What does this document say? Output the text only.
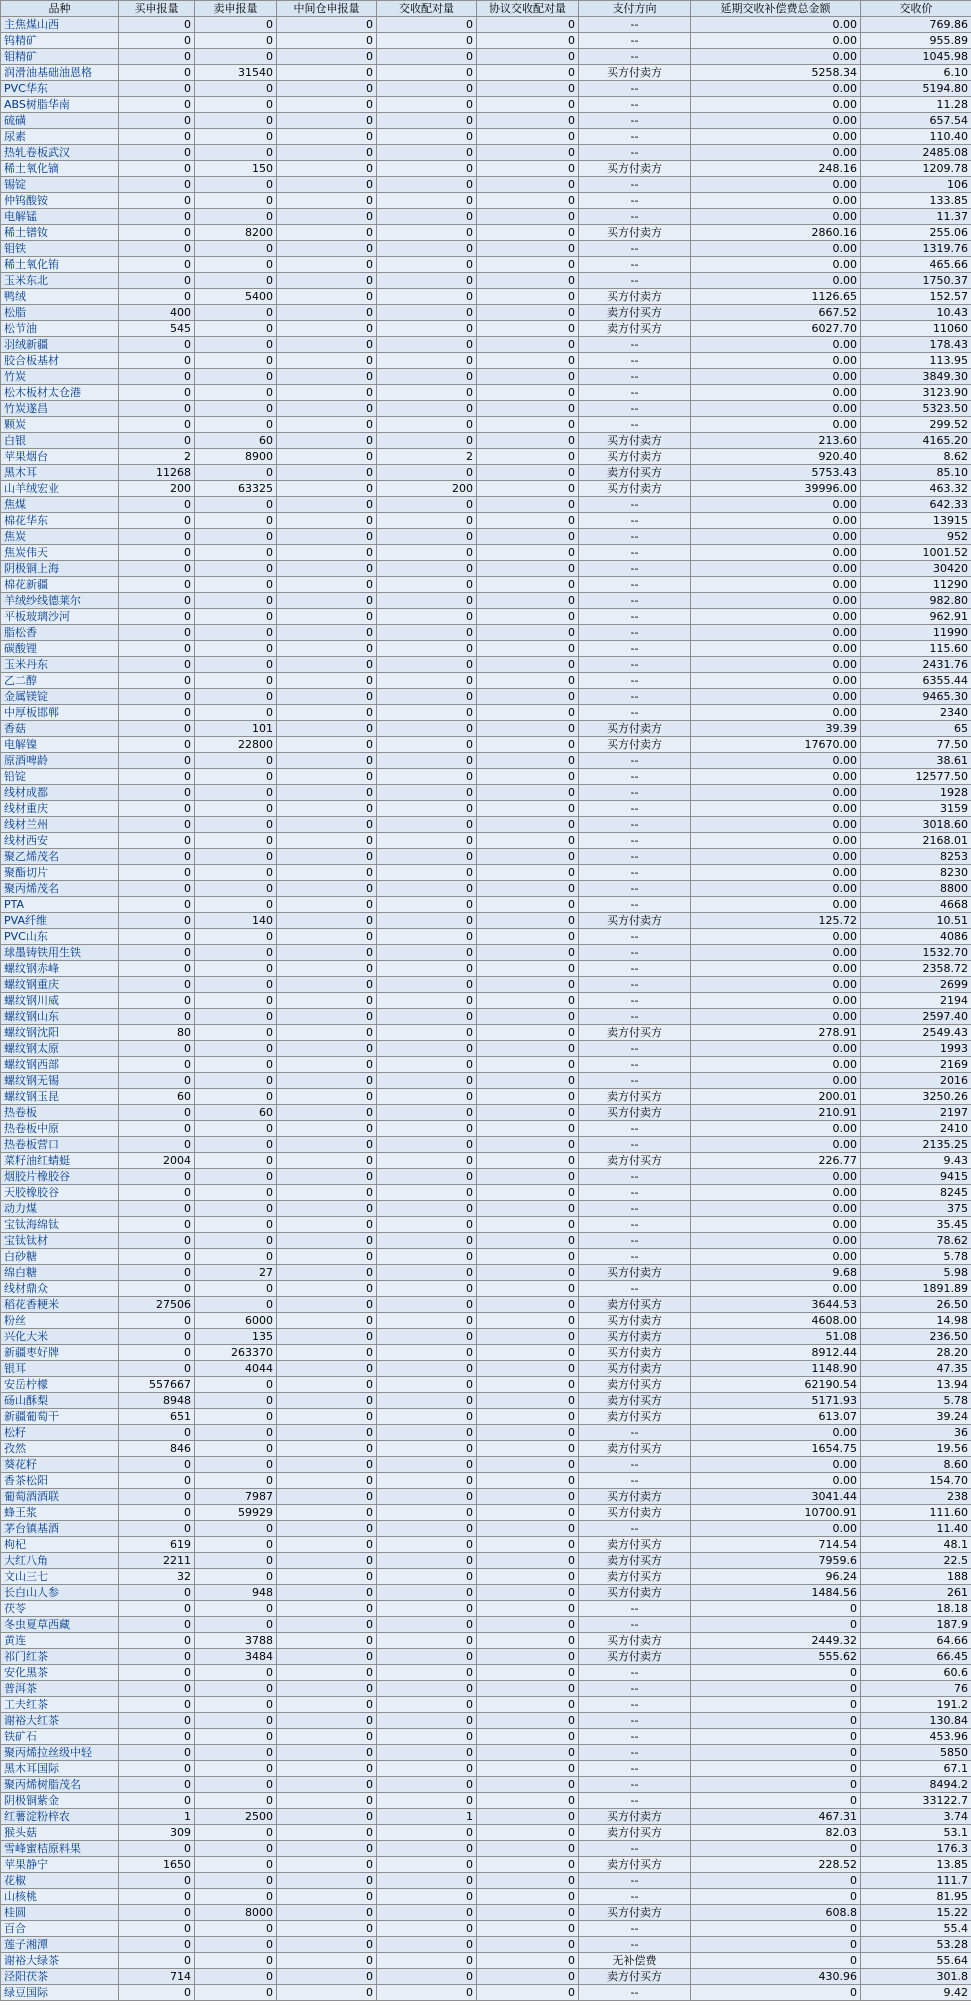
品种	买申报量	卖申报量	中间仓申报量	交收配对量	协议交收配对量	支付方向	延期交收补偿费总金额	交收价
主焦煤山西	0	0	0	0	0	--	0.00	769.86
钨精矿	0	0	0	0	0	--	0.00	955.89
钼精矿	0	0	0	0	0	--	0.00	1045.98
润滑油基础油恩格	0	31540	0	0	0	买方付卖方	5258.34	6.10
PVC华东	0	0	0	0	0	--	0.00	5194.80
ABS树脂华南	0	0	0	0	0	--	0.00	11.28
硫磺	0	0	0	0	0	--	0.00	657.54
尿素	0	0	0	0	0	--	0.00	110.40
热轧卷板武汉	0	0	0	0	0	--	0.00	2485.08
稀土氧化镝	0	150	0	0	0	买方付卖方	248.16	1209.78
锡锭	0	0	0	0	0	--	0.00	106
仲钨酸铵	0	0	0	0	0	--	0.00	133.85
电解锰	0	0	0	0	0	--	0.00	11.37
稀土镨钕	0	8200	0	0	0	买方付卖方	2860.16	255.06
钼铁	0	0	0	0	0	--	0.00	1319.76
稀土氧化铕	0	0	0	0	0	--	0.00	465.66
玉米东北	0	0	0	0	0	--	0.00	1750.37
鸭绒	0	5400	0	0	0	买方付卖方	1126.65	152.57
松脂	400	0	0	0	0	卖方付买方	667.52	10.43
松节油	545	0	0	0	0	卖方付买方	6027.70	11060
羽绒新疆	0	0	0	0	0	--	0.00	178.43
胶合板基材	0	0	0	0	0	--	0.00	113.95
竹炭	0	0	0	0	0	--	0.00	3849.30
松木板材太仓港	0	0	0	0	0	--	0.00	3123.90
竹炭遂昌	0	0	0	0	0	--	0.00	5323.50
颗炭	0	0	0	0	0	--	0.00	299.52
白银	0	60	0	0	0	买方付卖方	213.60	4165.20
苹果烟台	2	8900	0	2	0	买方付卖方	920.40	8.62
黑木耳	11268	0	0	0	0	卖方付买方	5753.43	85.10
山羊绒宏业	200	63325	0	200	0	买方付卖方	39996.00	463.32
焦煤	0	0	0	0	0	--	0.00	642.33
棉花华东	0	0	0	0	0	--	0.00	13915
焦炭	0	0	0	0	0	--	0.00	952
焦炭伟天	0	0	0	0	0	--	0.00	1001.52
阴极铜上海	0	0	0	0	0	--	0.00	30420
棉花新疆	0	0	0	0	0	--	0.00	11290
羊绒纱线德莱尔	0	0	0	0	0	--	0.00	982.80
平板玻璃沙河	0	0	0	0	0	--	0.00	962.91
脂松香	0	0	0	0	0	--	0.00	11990
碳酸锂	0	0	0	0	0	--	0.00	115.60
玉米丹东	0	0	0	0	0	--	0.00	2431.76
乙二醇	0	0	0	0	0	--	0.00	6355.44
金属镁锭	0	0	0	0	0	--	0.00	9465.30
中厚板邯郸	0	0	0	0	0	--	0.00	2340
香菇	0	101	0	0	0	买方付卖方	39.39	65
电解镍	0	22800	0	0	0	买方付卖方	17670.00	77.50
原酒啤龄	0	0	0	0	0	--	0.00	38.61
铅锭	0	0	0	0	0	--	0.00	12577.50
线材成都	0	0	0	0	0	--	0.00	1928
线材重庆	0	0	0	0	0	--	0.00	3159
线材兰州	0	0	0	0	0	--	0.00	3018.60
线材西安	0	0	0	0	0	--	0.00	2168.01
聚乙烯茂名	0	0	0	0	0	--	0.00	8253
聚酯切片	0	0	0	0	0	--	0.00	8230
聚丙烯茂名	0	0	0	0	0	--	0.00	8800
PTA	0	0	0	0	0	--	0.00	4668
PVA纤维	0	140	0	0	0	买方付卖方	125.72	10.51
PVC山东	0	0	0	0	0	--	0.00	4086
球墨铸铁用生铁	0	0	0	0	0	--	0.00	1532.70
螺纹钢赤峰	0	0	0	0	0	--	0.00	2358.72
螺纹钢重庆	0	0	0	0	0	--	0.00	2699
螺纹钢川威	0	0	0	0	0	--	0.00	2194
螺纹钢山东	0	0	0	0	0	--	0.00	2597.40
螺纹钢沈阳	80	0	0	0	0	卖方付买方	278.91	2549.43
螺纹钢太原	0	0	0	0	0	--	0.00	1993
螺纹钢西部	0	0	0	0	0	--	0.00	2169
螺纹钢无锡	0	0	0	0	0	--	0.00	2016
螺纹钢玉昆	60	0	0	0	0	卖方付买方	200.01	3250.26
热卷板	0	60	0	0	0	买方付卖方	210.91	2197
热卷板中原	0	0	0	0	0	--	0.00	2410
热卷板营口	0	0	0	0	0	--	0.00	2135.25
菜籽油红蜻蜓	2004	0	0	0	0	卖方付买方	226.77	9.43
烟胶片橡胶谷	0	0	0	0	0	--	0.00	9415
天胶橡胶谷	0	0	0	0	0	--	0.00	8245
动力煤	0	0	0	0	0	--	0.00	375
宝钛海绵钛	0	0	0	0	0	--	0.00	35.45
宝钛钛材	0	0	0	0	0	--	0.00	78.62
白砂糖	0	0	0	0	0	--	0.00	5.78
绵白糖	0	27	0	0	0	买方付卖方	9.68	5.98
线材鼎众	0	0	0	0	0	--	0.00	1891.89
稻花香粳米	27506	0	0	0	0	卖方付买方	3644.53	26.50
粉丝	0	6000	0	0	0	买方付卖方	4608.00	14.98
兴化大米	0	135	0	0	0	买方付卖方	51.08	236.50
新疆枣好牌	0	263370	0	0	0	买方付卖方	8912.44	28.20
银耳	0	4044	0	0	0	买方付卖方	1148.90	47.35
安岳柠檬	557667	0	0	0	0	卖方付买方	62190.54	13.94
砀山酥梨	8948	0	0	0	0	卖方付买方	5171.93	5.78
新疆葡萄干	651	0	0	0	0	卖方付买方	613.07	39.24
松籽	0	0	0	0	0	--	0.00	36
孜然	846	0	0	0	0	卖方付买方	1654.75	19.56
葵花籽	0	0	0	0	0	--	0.00	8.60
香茶松阳	0	0	0	0	0	--	0.00	154.70
葡萄酒酒联	0	7987	0	0	0	买方付卖方	3041.44	238
蜂王浆	0	59929	0	0	0	买方付卖方	10700.91	111.60
茅台镇基酒	0	0	0	0	0	--	0.00	11.40
枸杞	619	0	0	0	0	卖方付买方	714.54	48.1
大红八角	2211	0	0	0	0	卖方付买方	7959.6	22.5
文山三七	32	0	0	0	0	卖方付买方	96.24	188
长白山人参	0	948	0	0	0	买方付卖方	1484.56	261
茯苓	0	0	0	0	0	--	0	18.18
冬虫夏草西藏	0	0	0	0	0	--	0	187.9
黄连	0	3788	0	0	0	买方付卖方	2449.32	64.66
祁门红茶	0	3484	0	0	0	买方付卖方	555.62	66.45
安化黑茶	0	0	0	0	0	--	0	60.6
普洱茶	0	0	0	0	0	--	0	76
工夫红茶	0	0	0	0	0	--	0	191.2
谢裕大红茶	0	0	0	0	0	--	0	130.84
铁矿石	0	0	0	0	0	--	0	453.96
聚丙烯拉丝级中轻	0	0	0	0	0	--	0	5850
黑木耳国际	0	0	0	0	0	--	0	67.1
聚丙烯树脂茂名	0	0	0	0	0	--	0	8494.2
阴极铜紫金	0	0	0	0	0	--	0	33122.7
红薯淀粉梓农	1	2500	0	1	0	买方付卖方	467.31	3.74
猴头菇	309	0	0	0	0	卖方付买方	82.03	53.1
雪峰蜜桔原料果	0	0	0	0	0	--	0	176.3
苹果静宁	1650	0	0	0	0	卖方付买方	228.52	13.85
花椒	0	0	0	0	0	--	0	111.7
山核桃	0	0	0	0	0	--	0	81.95
桂圆	0	8000	0	0	0	买方付卖方	608.8	15.22
百合	0	0	0	0	0	--	0	55.4
莲子湘潭	0	0	0	0	0	--	0	53.28
谢裕大绿茶	0	0	0	0	0	无补偿费	0	55.64
泾阳茯茶	714	0	0	0	0	卖方付买方	430.96	301.8
绿豆国际	0	0	0	0	0	--	0	9.42
